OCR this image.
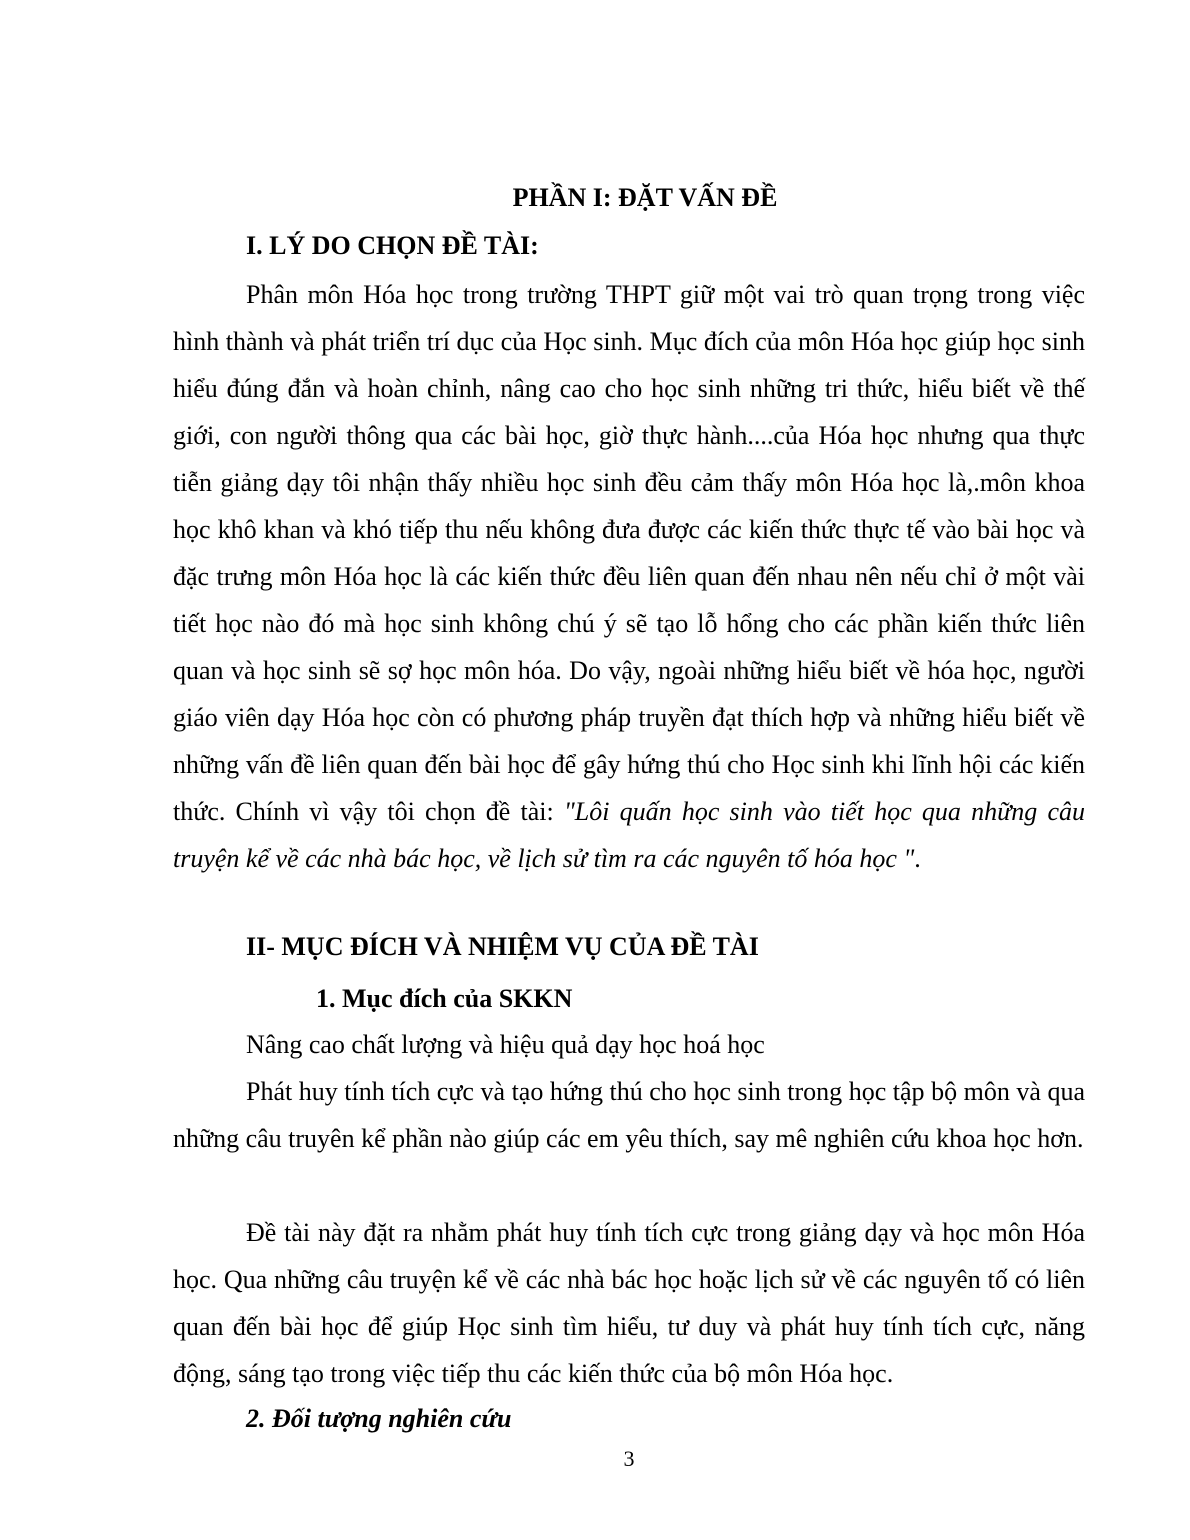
PHẦN I: ĐẶT VẤN ĐỀ
I. LÝ DO CHỌN ĐỀ TÀI:

Phân môn Hóa học trong trường THPT giữ một vai trò quan trọng trong việc hình thành và phát triển trí dục của Học sinh. Mục đích của môn Hóa học giúp học sinh hiểu đúng đắn và hoàn chỉnh, nâng cao cho học sinh những tri thức, hiểu biết về thế giới, con người thông qua các bài học, giờ thực hành....của Hóa học nhưng qua thực tiễn giảng dạy tôi nhận thấy nhiều học sinh đều cảm thấy môn Hóa học là,.môn khoa học khô khan và khó tiếp thu nếu không đưa được các kiến thức thực tế vào bài học và đặc trưng môn Hóa học là các kiến thức đều liên quan đến nhau nên nếu chỉ ở một vài tiết học nào đó mà học sinh không chú ý sẽ tạo lỗ hổng cho các phần kiến thức liên quan và học sinh sẽ sợ học môn hóa. Do vậy, ngoài những hiểu biết về hóa học, người giáo viên dạy Hóa học còn có phương pháp truyền đạt thích hợp và những hiểu biết về những vấn đề liên quan đến bài học để gây hứng thú cho Học sinh khi lĩnh hội các kiến thức. Chính vì vậy tôi chọn đề tài: "Lôi quấn học sinh vào tiết học qua những câu truyện kể về các nhà bác học, về lịch sử tìm ra các nguyên tố hóa học ".

II- MỤC ĐÍCH VÀ NHIỆM VỤ CỦA ĐỀ TÀI
1. Mục đích của SKKN

Nâng cao chất lượng và hiệu quả dạy học hoá học

Phát huy tính tích cực và tạo hứng thú cho học sinh trong học tập bộ môn và qua những câu truyên kể phần nào giúp các em yêu thích, say mê nghiên cứu khoa học hơn.

Đề tài này đặt ra nhằm phát huy tính tích cực trong giảng dạy và học môn Hóa học. Qua những câu truyện kể về các nhà bác học hoặc lịch sử về các nguyên tố có liên quan đến bài học để giúp Học sinh tìm hiểu, tư duy và phát huy tính tích cực, năng động, sáng tạo trong việc tiếp thu các kiến thức của bộ môn Hóa học.

2. Đối tượng nghiên cứu
3
